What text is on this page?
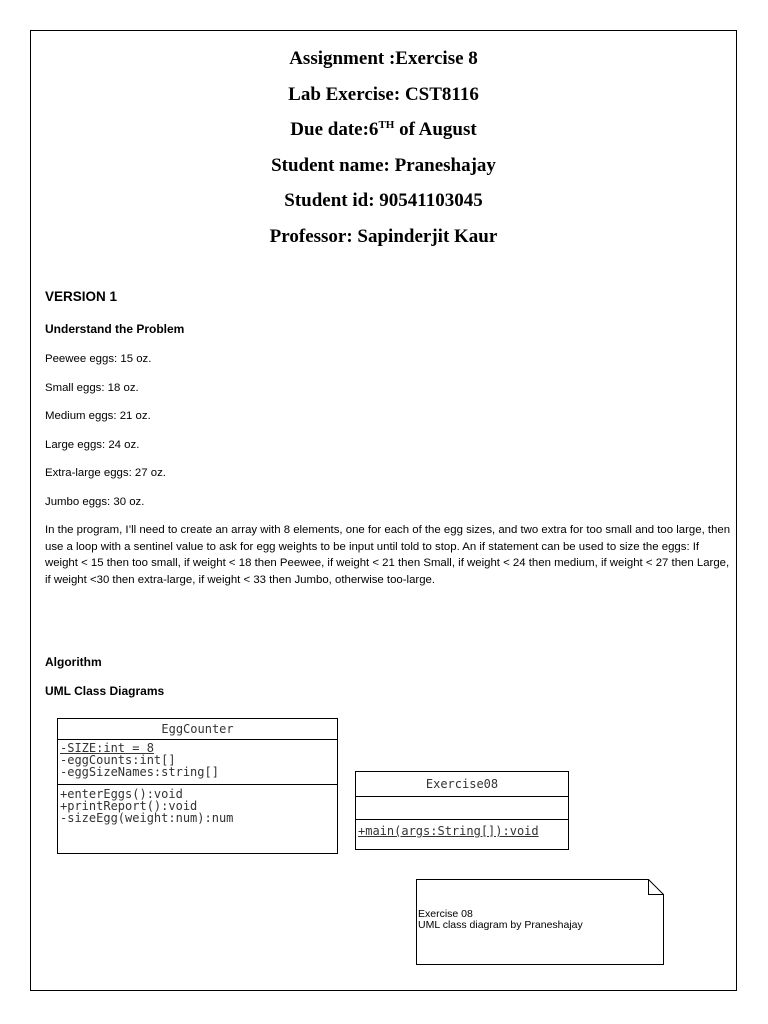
Assignment :Exercise 8

Lab Exercise: CST8116

Due date:6TH of August

Student name: Praneshajay

Student id: 90541103045

Professor: Sapinderjit Kaur

VERSION 1

Understand the Problem

Peewee eggs: 15 oz.

Small eggs: 18 oz.

Medium eggs: 21 oz.

Large eggs: 24 oz.

Extra-large eggs: 27 oz.

Jumbo eggs: 30 oz.

In the program, I’ll need to create an array with 8 elements, one for each of the egg sizes, and two extra for too small and too large, then use a loop with a sentinel value to ask for egg weights to be input until told to stop. An if statement can be used to size the eggs: If weight < 15 then too small, if weight < 18 then Peewee, if weight < 21 then Small, if weight < 24 then medium, if weight < 27 then Large, if weight <30 then extra-large, if weight < 33 then Jumbo, otherwise too-large.

Algorithm

UML Class Diagrams

EggCounter
-SIZE:int = 8
-eggCounts:int[]
-eggSizeNames:string[]
+enterEggs():void
+printReport():void
-sizeEgg(weight:num):num
Exercise08
+main(args:String[]):void
Exercise 08
UML class diagram by Praneshajay
